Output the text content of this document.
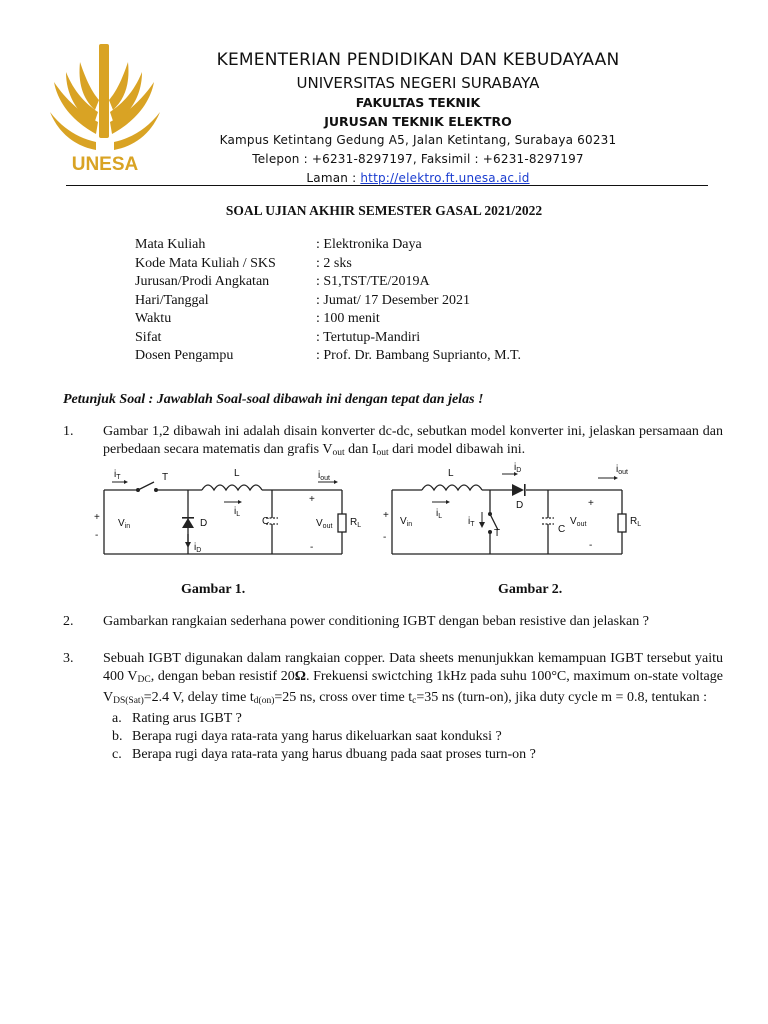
UNESA
KEMENTERIAN PENDIDIKAN DAN KEBUDAYAAN
UNIVERSITAS NEGERI SURABAYA
FAKULTAS TEKNIK
JURUSAN TEKNIK ELEKTRO
Kampus Ketintang Gedung A5, Jalan Ketintang, Surabaya 60231
Telepon : +6231-8297197, Faksimil : +6231-8297197
Laman : http://elektro.ft.unesa.ac.id
SOAL UJIAN AKHIR SEMESTER GASAL 2021/2022
Mata Kuliah	: Elektronika Daya
Kode Mata Kuliah / SKS	: 2 sks
Jurusan/Prodi Angkatan	: S1,TST/TE/2019A
Hari/Tanggal	: Jumat/ 17 Desember 2021
Waktu	: 100 menit
Sifat	: Tertutup-Mandiri
Dosen Pengampu	: Prof. Dr. Bambang Suprianto, M.T.
Petunjuk Soal : Jawablah Soal-soal dibawah ini dengan tepat dan jelas !
1. Gambar 1,2 dibawah ini adalah disain konverter dc-dc, sebutkan model konverter ini, jelaskan persamaan dan perbedaan secara matematis dan grafis $V_{out}$ dan $I_{out}$ dari model dibawah ini.
$i_T$	T	L
$i_L$
$i_{out}$
D	C
$i_D$
$V_{in}$	$V_{out}$ $R_L$
+
-
+
-
$i_D$
L	$i_{out}$
$i_L$
D
$i_T$
T	C
$V_{out}$	$R_L$
$V_{in}$
+
-
+
-
Gambar 1.	Gambar 2.
2. Gambarkan rangkaian sederhana power conditioning IGBT dengan beban resistive dan jelaskan ?
3. Sebuah IGBT digunakan dalam rangkaian copper. Data sheets menunjukkan kemampuan IGBT tersebut yaitu 400 $V_{DC}$, dengan beban resistif 20Ω. Frekuensi swictching 1kHz pada suhu 100°C, maximum on-state voltage $V_{DS(Sat)}=2.4$ V, delay time $t_{d(on)}=25$ ns, cross over time $t_c=35$ ns (turn-on), jika duty cycle m = 0.8, tentukan :
a. Rating arus IGBT ?
b. Berapa rugi daya rata-rata yang harus dikeluarkan saat konduksi ?
c. Berapa rugi daya rata-rata yang harus dbuang pada saat proses turn-on ?
